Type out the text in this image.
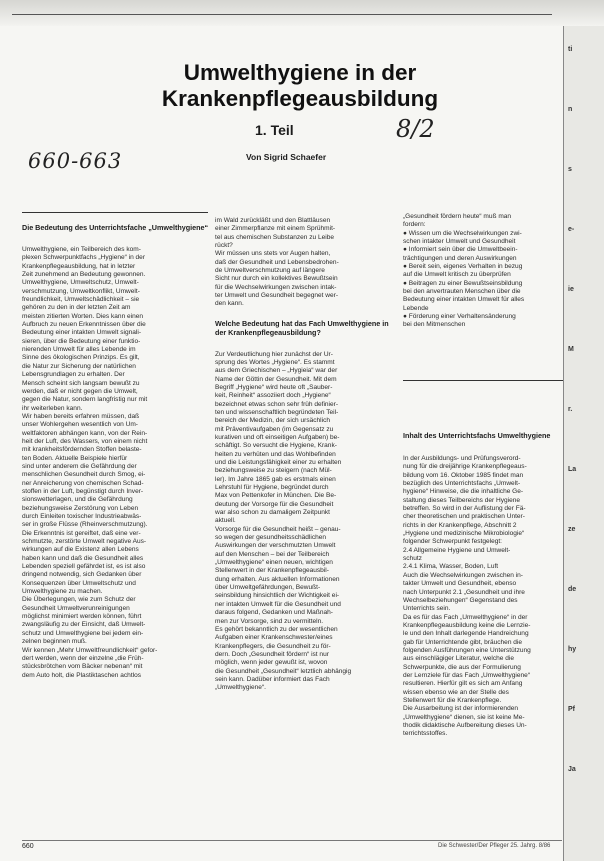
Umwelthygiene in der
Krankenpflegeausbildung
1. Teil
Von Sigrid Schaefer
660-663
8/2
Die Bedeutung des Unterrichtsfache „Umwelthygiene“
Umwelthygiene, ein Teilbereich des kom-
plexen Schwerpunktfachs „Hygiene“ in der
Krankenpflegeausbildung, hat in letzter
Zeit zunehmend an Bedeutung gewonnen.
Umwelthygiene, Umweltschutz, Umwelt-
verschmutzung, Umweltkonflikt, Umwelt-
freundlichkeit, Umweltschädlichkeit – sie
gehören zu den in der letzten Zeit am
meisten zitierten Worten. Dies kann einen
Aufbruch zu neuen Erkenntnissen über die
Bedeutung einer intakten Umwelt signali-
sieren, über die Bedeutung einer funktio-
nierenden Umwelt für alles Lebende im
Sinne des ökologischen Prinzips. Es gilt,
die Natur zur Sicherung der natürlichen
Lebensgrundlagen zu erhalten. Der
Mensch scheint sich langsam bewußt zu
werden, daß er nicht gegen die Umwelt,
gegen die Natur, sondern langfristig nur mit
ihr weiterleben kann.
Wir haben bereits erfahren müssen, daß
unser Wohlergehen wesentlich von Um-
weltfaktoren abhängen kann, von der Rein-
heit der Luft, des Wassers, von einem nicht
mit krankheitsfördernden Stoffen belaste-
ten Boden. Aktuelle Beispiele hierfür
sind unter anderem die Gefährdung der
menschlichen Gesundheit durch Smog, ei-
ner Anreicherung von chemischen Schad-
stoffen in der Luft, begünstigt durch Inver-
sionswetterlagen, und die Gefährdung
beziehungsweise Zerstörung von Leben
durch Einleiten toxischer Industrieabwäs-
ser in große Flüsse (Rheinverschmutzung).
Die Erkenntnis ist gereiftet, daß eine ver-
schmutzte, zerstörte Umwelt negative Aus-
wirkungen auf die Existenz allen Lebens
haben kann und daß die Gesundheit alles
Lebenden speziell gefährdet ist, es ist also
dringend notwendig, sich Gedanken über
Konsequenzen über Umweltschutz und
Umwelthygiene zu machen.
Die Überlegungen, wie zum Schutz der
Gesundheit Umweltverunreinigungen
möglichst minimiert werden können, führt
zwangsläufig zu der Einsicht, daß Umwelt-
schutz und Umwelthygiene bei jedem ein-
zelnen beginnen muß.
Wir kennen „Mehr Umweltfreundlichkeit“ gefor-
dert werden, wenn der einzelne „die Früh-
stücksbrötchen vom Bäcker nebenan“ mit
dem Auto holt, die Plastiktaschen achtlos
im Wald zurückläßt und den Blattläusen
einer Zimmerpflanze mit einem Sprühmit-
tel aus chemischen Substanzen zu Leibe
rückt?
Wir müssen uns stets vor Augen halten,
daß der Gesundheit und Lebensbedrohen-
de Umweltverschmutzung auf längere
Sicht nur durch ein kollektives Bewußtsein
für die Wechselwirkungen zwischen intak-
ter Umwelt und Gesundheit begegnet wer-
den kann.

Zur Verdeutlichung hier zunächst der Ur-
sprung des Wortes „Hygiene“. Es stammt
aus dem Griechischen – „Hygieia“ war der
Name der Göttin der Gesundheit. Mit dem
Begriff „Hygiene“ wird heute oft „Sauber-
keit, Reinheit“ assoziiert doch „Hygiene“
bezeichnet etwas schon sehr früh definier-
ten und wissenschaftlich begründeten Teil-
bereich der Medizin, der sich ursächlich
mit Präventivaufgaben (im Gegensatz zu
kurativen und oft einseitigen Aufgaben) be-
schäftigt. So versucht die Hygiene, Krank-
heiten zu verhüten und das Wohlbefinden
und die Leistungsfähigkeit einer zu erhalten
beziehungsweise zu steigern (nach Mül-
ler). Im Jahre 1865 gab es erstmals einen
Lehrstuhl für Hygiene, begründet durch
Max von Pettenkofer in München. Die Be-
deutung der Vorsorge für die Gesundheit
war also schon zu damaligem Zeitpunkt
aktuell.
Vorsorge für die Gesundheit heißt – genau-
so wegen der gesundheitsschädlichen
Auswirkungen der verschmutzten Umwelt
auf den Menschen – bei der Teilbereich
„Umwelthygiene“ einen neuen, wichtigen
Stellenwert in der Krankenpflegeausbil-
dung erhalten. Aus aktuellen Informationen
über Umweltgefährdungen, Bewußt-
seinsbildung hinsichtlich der Wichtigkeit ei-
ner intakten Umwelt für die Gesundheit und
daraus folgend, Gedanken und Maßnah-
men zur Vorsorge, sind zu vermitteln.
Es gehört bekanntlich zu der wesentlichen
Aufgaben einer Krankenschwester/eines
Krankenpflegers, die Gesundheit zu för-
dern. Doch „Gesundheit fördern“ ist nur
möglich, wenn jeder gewußt ist, wovon
die Gesundheit „Gesundheit“ letztlich abhängig
sein kann. Dadüber informiert das Fach
„Umwelthygiene“.
Welche Bedeutung hat das Fach Umwelthygiene in der Krankenpflegeausbildung?
„Gesundheit fördern heute“ muß man
fordern:
● Wissen um die Wechselwirkungen zwi-
schen intakter Umwelt und Gesundheit
● Informiert sein über die Umweltbeein-
trächtigungen und deren Auswirkungen
● Bereit sein, eigenes Verhalten in bezug
auf die Umwelt kritisch zu überprüfen
● Beitragen zu einer Bewußtseinsbildung
bei den anvertrauten Menschen über die
Bedeutung einer intakten Umwelt für alles
Lebende
● Förderung einer Verhaltensänderung
bei den Mitmenschen
Inhalt des Unterrichtsfachs Umwelthygiene
In der Ausbildungs- und Prüfungsverord-
nung für die dreijährige Krankenpflegeaus-
bildung vom 16. Oktober 1985 findet man
bezüglich des Unterrichtsfachs „Umwelt-
hygiene“ Hinweise, die die inhaltliche Ge-
staltung dieses Teilbereichs der Hygiene
betreffen. So wird in der Auflistung der Fä-
cher theoretischen und praktischen Unter-
richts in der Krankenpflege, Abschnitt 2
„Hygiene und medizinische Mikrobiologie“
folgender Schwerpunkt festgelegt:
2.4 Allgemeine Hygiene und Umwelt-
schutz
2.4.1 Klima, Wasser, Boden, Luft
Auch die Wechselwirkungen zwischen in-
takter Umwelt und Gesundheit, ebenso
nach Unterpunkt 2.1 „Gesundheit und ihre
Wechselbeziehungen“ Gegenstand des
Unterrichts sein.
Da es für das Fach „Umwelthygiene“ in der
Krankenpflegeausbildung keine die Lernzie-
le und den Inhalt darlegende Handreichung
gab für Unterrichtende gibt, bräuchen die
folgenden Ausführungen eine Unterstützung
aus einschlägiger Literatur, welche die
Schwerpunkte, die aus der Formulierung
der Lernziele für das Fach „Umwelthygiene“
resultieren. Hierfür gilt es sich am Anfang
wissen ebenso wie an der Stelle des
Stellenwert für die Krankenpflege.
Die Ausarbeitung ist der informierenden
„Umwelthygiene“ dienen, sie ist keine Me-
thodik didaktische Aufbereitung dieses Un-
terrichtsstoffes.
ti
n
s
e-
ie
M
r.
La
ze
de
hy
Pf
Ja
660	Die Schwester/Der Pfleger 25. Jahrg. 8/86
